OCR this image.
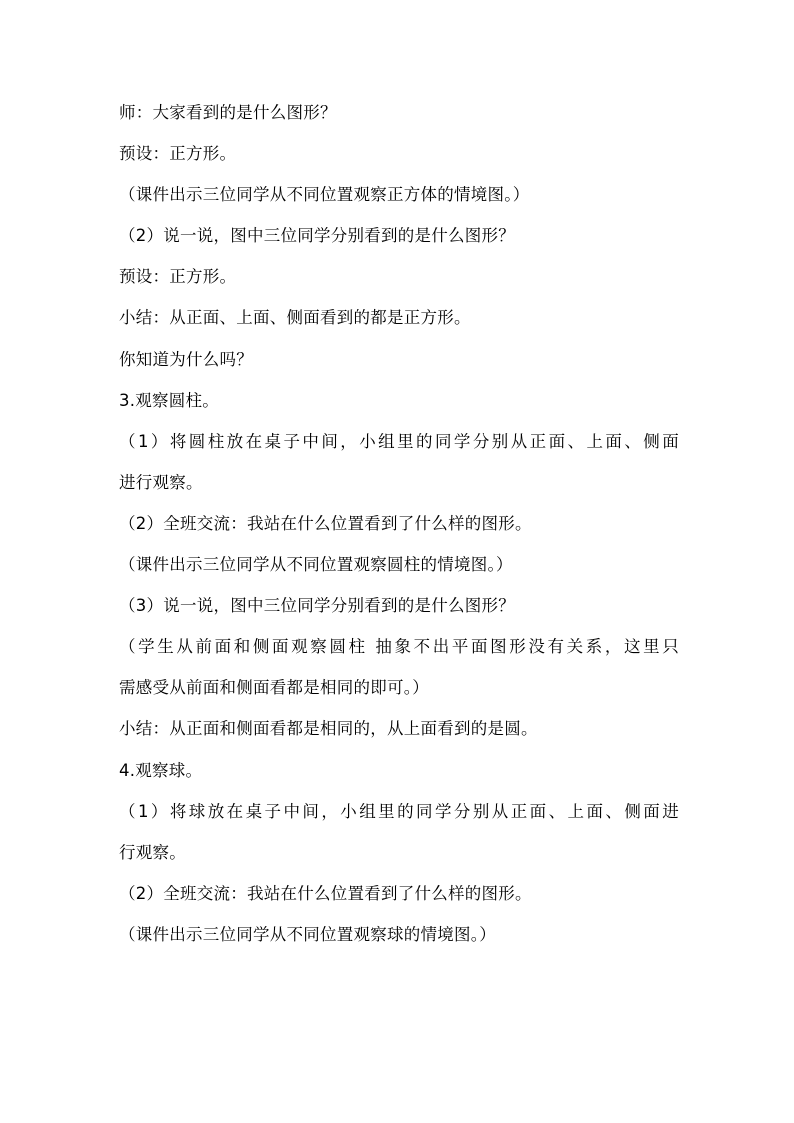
师：大家看到的是什么图形？

预设：正方形。

（课件出示三位同学从不同位置观察正方体的情境图。）

（2）说一说，图中三位同学分别看到的是什么图形？

预设：正方形。

小结：从正面、上面、侧面看到的都是正方形。

你知道为什么吗？

3.观察圆柱。

（1）将圆柱放在桌子中间，小组里的同学分别从正面、上面、侧面

进行观察。

（2）全班交流：我站在什么位置看到了什么样的图形。

（课件出示三位同学从不同位置观察圆柱的情境图。）

（3）说一说，图中三位同学分别看到的是什么图形？

（学生从前面和侧面观察圆柱 抽象不出平面图形没有关系，这里只

需感受从前面和侧面看都是相同的即可。）

小结：从正面和侧面看都是相同的，从上面看到的是圆。

4.观察球。

（1）将球放在桌子中间，小组里的同学分别从正面、上面、侧面进

行观察。

（2）全班交流：我站在什么位置看到了什么样的图形。

（课件出示三位同学从不同位置观察球的情境图。）
